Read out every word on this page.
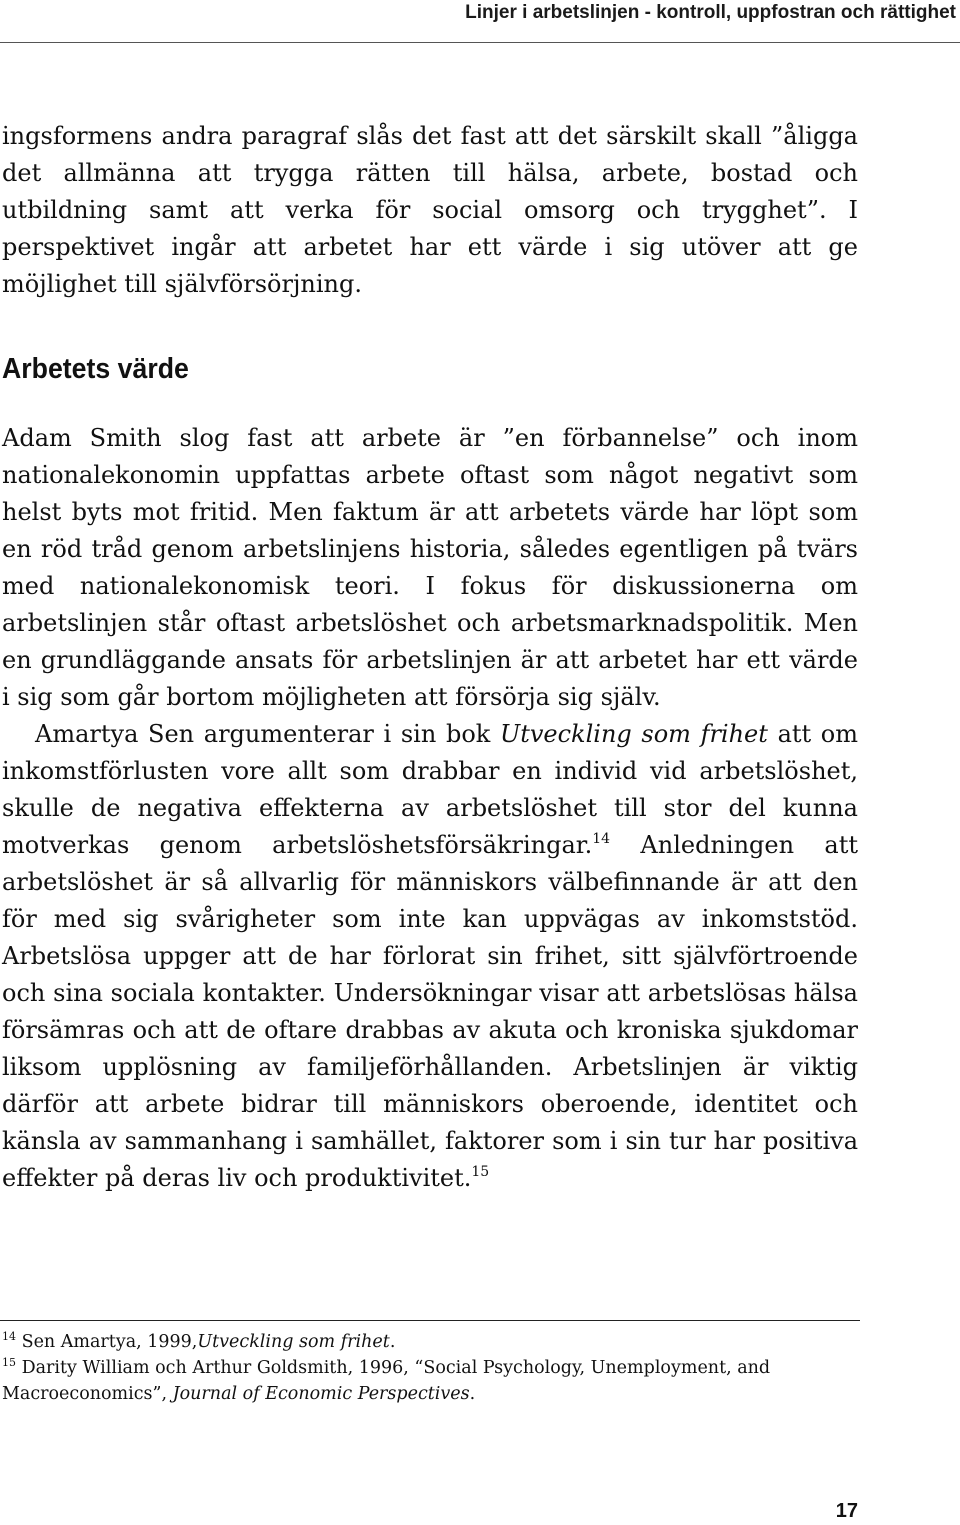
Linjer i arbetslinjen - kontroll, uppfostran och rättighet

ingsformens andra paragraf slås det fast att det särskilt skall ”åligga det allmänna att trygga rätten till hälsa, arbete, bostad och utbildning samt att verka för social omsorg och trygghet”. I perspektivet ingår att arbetet har ett värde i sig utöver att ge möjlighet till självförsörjning.

Arbetets värde

Adam Smith slog fast att arbete är ”en förbannelse” och inom nationalekonomin uppfattas arbete oftast som något negativt som helst byts mot fritid. Men faktum är att arbetets värde har löpt som en röd tråd genom arbetslinjens historia, således egentligen på tvärs med nationalekonomisk teori. I fokus för diskussionerna om arbetslinjen står oftast arbetslöshet och arbetsmarknadspolitik. Men en grundläggande ansats för arbetslinjen är att arbetet har ett värde i sig som går bortom möjligheten att försörja sig själv.

Amartya Sen argumenterar i sin bok Utveckling som frihet att om inkomstförlusten vore allt som drabbar en individ vid arbetslöshet, skulle de negativa effekterna av arbetslöshet till stor del kunna motverkas genom arbetslöshetsförsäkringar.$^{14}$ Anledningen att arbetslöshet är så allvarlig för människors välbefinnande är att den för med sig svårigheter som inte kan uppvägas av inkomststöd. Arbetslösa uppger att de har förlorat sin frihet, sitt självförtroende och sina sociala kontakter. Undersökningar visar att arbetslösas hälsa försämras och att de oftare drabbas av akuta och kroniska sjukdomar liksom upplösning av familjeförhållanden. Arbetslinjen är viktig därför att arbete bidrar till människors oberoende, identitet och känsla av sammanhang i samhället, faktorer som i sin tur har positiva effekter på deras liv och produktivitet.$^{15}$

$^{14}$ Sen Amartya, 1999,Utveckling som frihet.

$^{15}$ Darity William och Arthur Goldsmith, 1996, “Social Psychology, Unemployment, and Macroeconomics”, Journal of Economic Perspectives.

17
